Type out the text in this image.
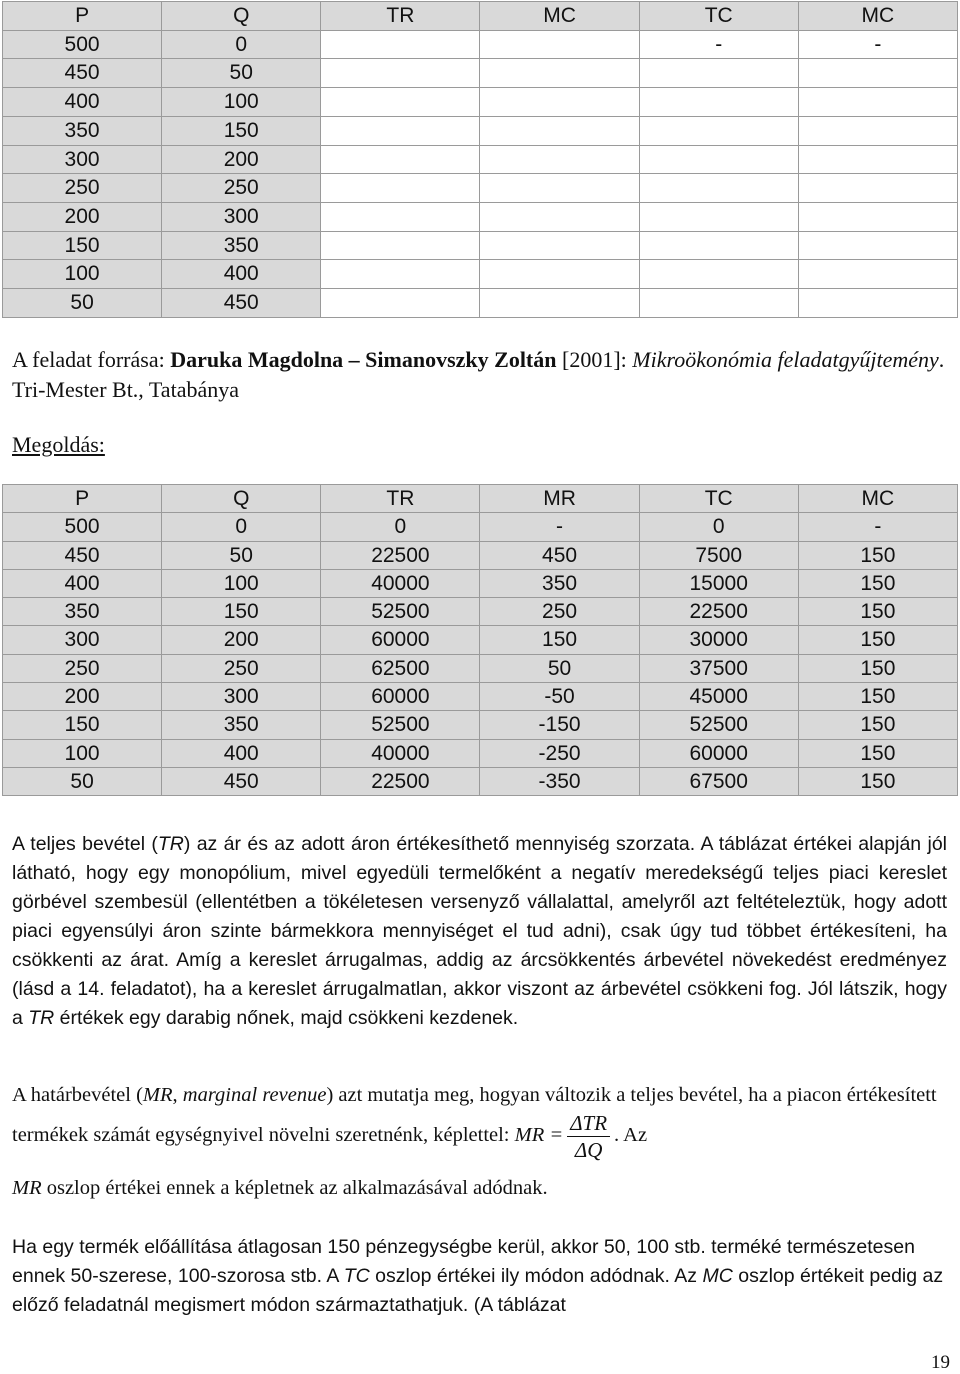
P	Q	TR	MC	TC	MC
500	0			-	-
450	50				
400	100				
350	150				
300	200				
250	250				
200	300				
150	350				
100	400				
50	450				
A feladat forrása: Daruka Magdolna – Simanovszky Zoltán [2001]: Mikroökonómia feladatgyűjtemény. Tri-Mester Bt., Tatabánya
Megoldás:
P	Q	TR	MR	TC	MC
500	0	0	-	0	-
450	50	22500	450	7500	150
400	100	40000	350	15000	150
350	150	52500	250	22500	150
300	200	60000	150	30000	150
250	250	62500	50	37500	150
200	300	60000	-50	45000	150
150	350	52500	-150	52500	150
100	400	40000	-250	60000	150
50	450	22500	-350	67500	150
A teljes bevétel (TR) az ár és az adott áron értékesíthető mennyiség szorzata. A táblázat értékei alapján jól látható, hogy egy monopólium, mivel egyedüli termelőként a negatív meredekségű teljes piaci kereslet görbével szembesül (ellentétben a tökéletesen versenyző vállalattal, amelyről azt feltételeztük, hogy adott piaci egyensúlyi áron szinte bármekkora mennyiséget el tud adni), csak úgy tud többet értékesíteni, ha csökkenti az árat. Amíg a kereslet árrugalmas, addig az árcsökkentés árbevétel növekedést eredményez (lásd a 14. feladatot), ha a kereslet árrugalmatlan, akkor viszont az árbevétel csökkeni fog. Jól látszik, hogy a TR értékek egy darabig nőnek, majd csökkeni kezdenek.
A határbevétel (MR, marginal revenue) azt mutatja meg, hogyan változik a teljes bevétel, ha a piacon értékesített termékek számát egységnyivel növelni szeretnénk, képlettel: MR = $\frac{\text{ΔTR}}{\Delta Q}$ . Az
MR oszlop értékei ennek a képletnek az alkalmazásával adódnak.
Ha egy termék előállítása átlagosan 150 pénzegységbe kerül, akkor 50, 100 stb. terméké természetesen ennek 50-szerese, 100-szorosa stb. A TC oszlop értékei ily módon adódnak. Az MC oszlop értékeit pedig az előző feladatnál megismert módon származtathatjuk. (A táblázat
19
